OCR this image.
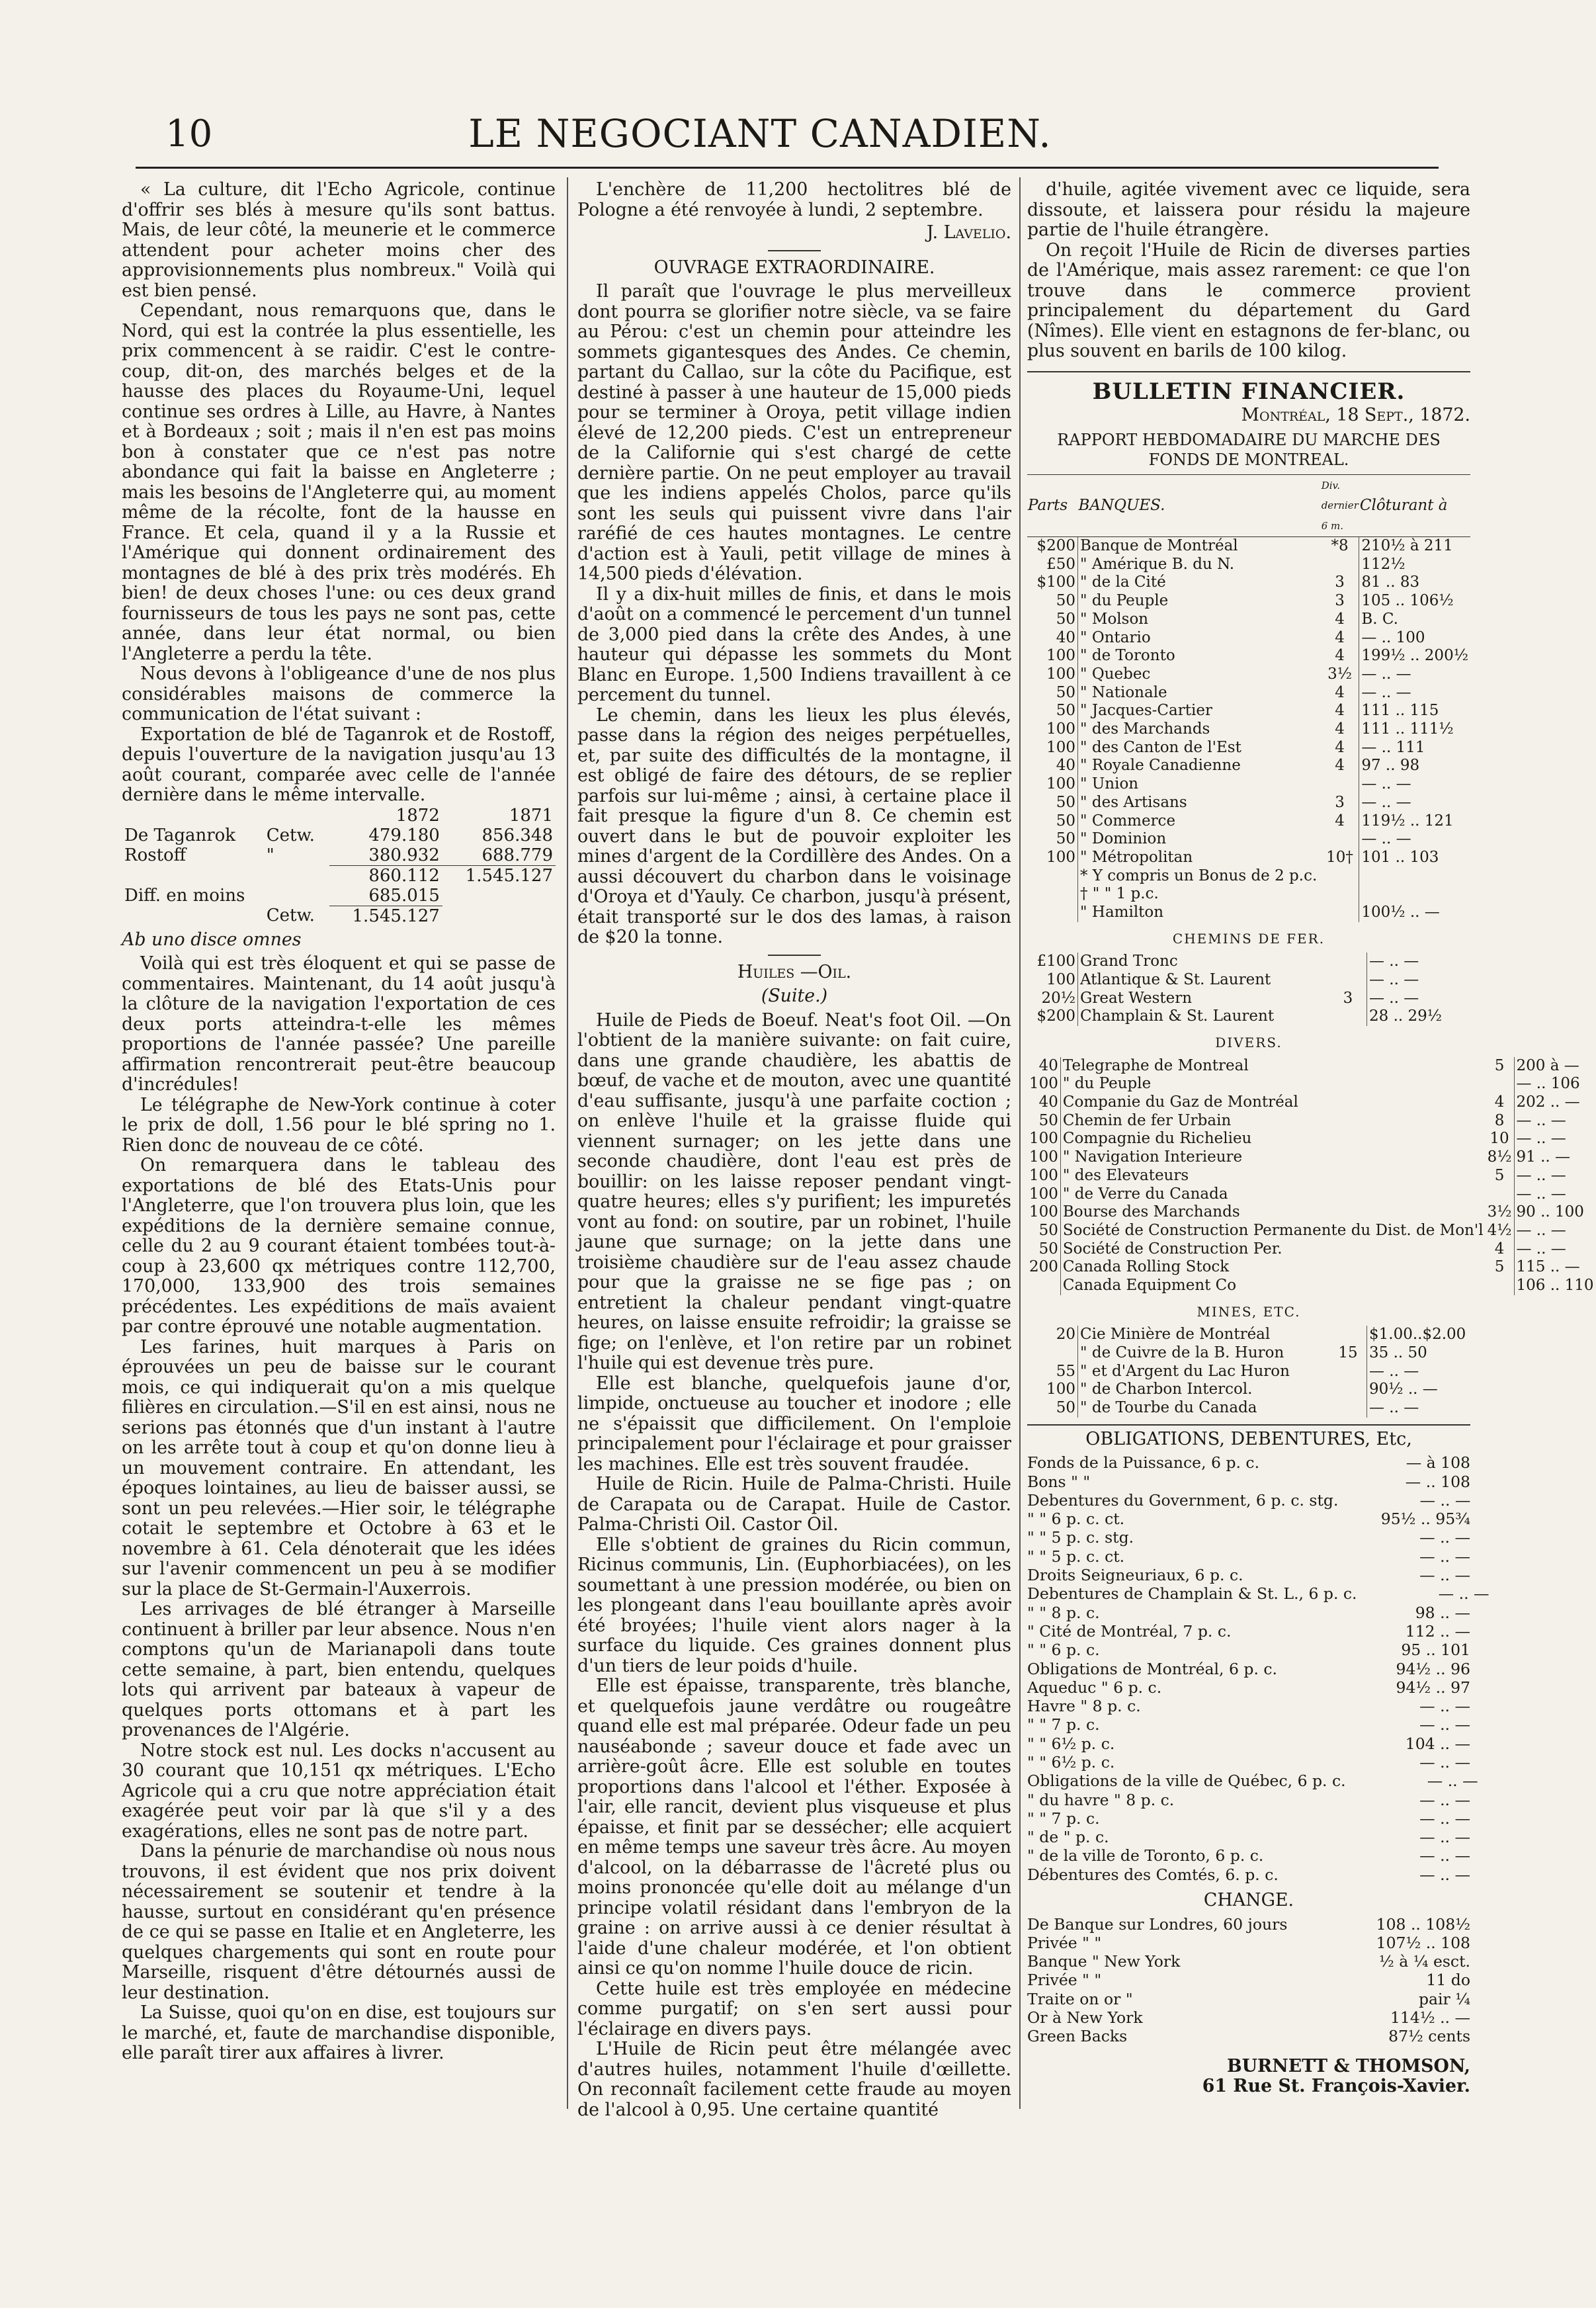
10	LE NEGOCIANT CANADIEN.

« La culture, dit l'Echo Agricole, continue d'offrir ses blés à mesure qu'ils sont battus. Mais, de leur côté, la meunerie et le commerce attendent pour acheter moins cher des approvisionnements plus nombreux." Voilà qui est bien pensé.

Cependant, nous remarquons que, dans le Nord, qui est la contrée la plus essentielle, les prix commencent à se raidir. C'est le contre-coup, dit-on, des marchés belges et de la hausse des places du Royaume-Uni, lequel continue ses ordres à Lille, au Havre, à Nantes et à Bordeaux ; soit ; mais il n'en est pas moins bon à constater que ce n'est pas notre abondance qui fait la baisse en Angleterre ; mais les besoins de l'Angleterre qui, au moment même de la récolte, font de la hausse en France. Et cela, quand il y a la Russie et l'Amérique qui donnent ordinairement des montagnes de blé à des prix très modérés. Eh bien! de deux choses l'une: ou ces deux grand fournisseurs de tous les pays ne sont pas, cette année, dans leur état normal, ou bien l'Angleterre a perdu la tête.

Nous devons à l'obligeance d'une de nos plus considérables maisons de commerce la communication de l'état suivant :

Exportation de blé de Taganrok et de Rostoff, depuis l'ouverture de la navigation jusqu'au 13 août courant, comparée avec celle de l'année dernière dans le même intervalle.

		1872	1871
De Taganrok	Cetw.	479.180	856.348
Rostoff	"	380.932	688.779
		860.112	1.545.127
Diff. en moins		685.015	
	Cetw.	1.545.127	

Ab uno disce omnes

Voilà qui est très éloquent et qui se passe de commentaires. Maintenant, du 14 août jusqu'à la clôture de la navigation l'exportation de ces deux ports atteindra-t-elle les mêmes proportions de l'année passée? Une pareille affirmation rencontrerait peut-être beaucoup d'incrédules!

Le télégraphe de New-York continue à coter le prix de doll, 1.56 pour le blé spring no 1. Rien donc de nouveau de ce côté.

On remarquera dans le tableau des exportations de blé des Etats-Unis pour l'Angleterre, que l'on trouvera plus loin, que les expéditions de la dernière semaine connue, celle du 2 au 9 courant étaient tombées tout-à-coup à 23,600 qx métriques contre 112,700, 170,000, 133,900 des trois semaines précédentes. Les expéditions de maïs avaient par contre éprouvé une notable augmentation.

Les farines, huit marques à Paris on éprouvées un peu de baisse sur le courant mois, ce qui indiquerait qu'on a mis quelque filières en circulation.—S'il en est ainsi, nous ne serions pas étonnés que d'un instant à l'autre on les arrête tout à coup et qu'on donne lieu à un mouvement contraire. En attendant, les époques lointaines, au lieu de baisser aussi, se sont un peu relevées.—Hier soir, le télégraphe cotait le septembre et Octobre à 63 et le novembre à 61. Cela dénoterait que les idées sur l'avenir commencent un peu à se modifier sur la place de St-Germain-l'Auxerrois.

Les arrivages de blé étranger à Marseille continuent à briller par leur absence. Nous n'en comptons qu'un de Marianapoli dans toute cette semaine, à part, bien entendu, quelques lots qui arrivent par bateaux à vapeur de quelques ports ottomans et à part les provenances de l'Algérie.

Notre stock est nul. Les docks n'accusent au 30 courant que 10,151 qx métriques. L'Echo Agricole qui a cru que notre appréciation était exagérée peut voir par là que s'il y a des exagérations, elles ne sont pas de notre part.

Dans la pénurie de marchandise où nous nous trouvons, il est évident que nos prix doivent nécessairement se soutenir et tendre à la hausse, surtout en considérant qu'en présence de ce qui se passe en Italie et en Angleterre, les quelques chargements qui sont en route pour Marseille, risquent d'être détournés aussi de leur destination.

La Suisse, quoi qu'on en dise, est toujours sur le marché, et, faute de marchandise disponible, elle paraît tirer aux affaires à livrer.

L'enchère de 11,200 hectolitres blé de Pologne a été renvoyée à lundi, 2 septembre.

J. Lavelio.
OUVRAGE EXTRAORDINAIRE.

Il paraît que l'ouvrage le plus merveilleux dont pourra se glorifier notre siècle, va se faire au Pérou: c'est un chemin pour atteindre les sommets gigantesques des Andes. Ce chemin, partant du Callao, sur la côte du Pacifique, est destiné à passer à une hauteur de 15,000 pieds pour se terminer à Oroya, petit village indien élevé de 12,200 pieds. C'est un entrepreneur de la Californie qui s'est chargé de cette dernière partie. On ne peut employer au travail que les indiens appelés Cholos, parce qu'ils sont les seuls qui puissent vivre dans l'air raréfié de ces hautes montagnes. Le centre d'action est à Yauli, petit village de mines à 14,500 pieds d'élévation.

Il y a dix-huit milles de finis, et dans le mois d'août on a commencé le percement d'un tunnel de 3,000 pied dans la crête des Andes, à une hauteur qui dépasse les sommets du Mont Blanc en Europe. 1,500 Indiens travaillent à ce percement du tunnel.

Le chemin, dans les lieux les plus élevés, passe dans la région des neiges perpétuelles, et, par suite des difficultés de la montagne, il est obligé de faire des détours, de se replier parfois sur lui-même ; ainsi, à certaine place il fait presque la figure d'un 8. Ce chemin est ouvert dans le but de pouvoir exploiter les mines d'argent de la Cordillère des Andes. On a aussi découvert du charbon dans le voisinage d'Oroya et d'Yauly. Ce charbon, jusqu'à présent, était transporté sur le dos des lamas, à raison de $20 la tonne.

Huiles —Oil.
(Suite.)

Huile de Pieds de Boeuf. Neat's foot Oil. —On l'obtient de la manière suivante: on fait cuire, dans une grande chaudière, les abattis de bœuf, de vache et de mouton, avec une quantité d'eau suffisante, jusqu'à une parfaite coction ; on enlève l'huile et la graisse fluide qui viennent surnager; on les jette dans une seconde chaudière, dont l'eau est près de bouillir: on les laisse reposer pendant vingt-quatre heures; elles s'y purifient; les impuretés vont au fond: on soutire, par un robinet, l'huile jaune que surnage; on la jette dans une troisième chaudière sur de l'eau assez chaude pour que la graisse ne se fige pas ; on entretient la chaleur pendant vingt-quatre heures, on laisse ensuite refroidir; la graisse se fige; on l'enlève, et l'on retire par un robinet l'huile qui est devenue très pure.

Elle est blanche, quelquefois jaune d'or, limpide, onctueuse au toucher et inodore ; elle ne s'épaissit que difficilement. On l'emploie principalement pour l'éclairage et pour graisser les machines. Elle est très souvent fraudée.

Huile de Ricin. Huile de Palma-Christi. Huile de Carapata ou de Carapat. Huile de Castor. Palma-Christi Oil. Castor Oil.

Elle s'obtient de graines du Ricin commun, Ricinus communis, Lin. (Euphorbiacées), on les soumettant à une pression modérée, ou bien on les plongeant dans l'eau bouillante après avoir été broyées; l'huile vient alors nager à la surface du liquide. Ces graines donnent plus d'un tiers de leur poids d'huile.

Elle est épaisse, transparente, très blanche, et quelquefois jaune verdâtre ou rougeâtre quand elle est mal préparée. Odeur fade un peu nauséabonde ; saveur douce et fade avec un arrière-goût âcre. Elle est soluble en toutes proportions dans l'alcool et l'éther. Exposée à l'air, elle rancit, devient plus visqueuse et plus épaisse, et finit par se dessécher; elle acquiert en même temps une saveur très âcre. Au moyen d'alcool, on la débarrasse de l'âcreté plus ou moins prononcée qu'elle doit au mélange d'un principe volatil résidant dans l'embryon de la graine : on arrive aussi à ce denier résultat à l'aide d'une chaleur modérée, et l'on obtient ainsi ce qu'on nomme l'huile douce de ricin.

Cette huile est très employée en médecine comme purgatif; on s'en sert aussi pour l'éclairage en divers pays.

L'Huile de Ricin peut être mélangée avec d'autres huiles, notamment l'huile d'œillette. On reconnaît facilement cette fraude au moyen de l'alcool à 0,95. Une certaine quantité

d'huile, agitée vivement avec ce liquide, sera dissoute, et laissera pour résidu la majeure partie de l'huile étrangère.

On reçoit l'Huile de Ricin de diverses parties de l'Amérique, mais assez rarement: ce que l'on trouve dans le commerce provient principalement du département du Gard (Nîmes). Elle vient en estagnons de fer-blanc, ou plus souvent en barils de 100 kilog.

BULLETIN FINANCIER.
Montréal, 18 Sept., 1872.
RAPPORT HEBDOMADAIRE DU MARCHE DES FONDS DE MONTREAL.
Parts	BANQUES.	Div. dernier 6 m.	Clôturant à
$200	Banque de Montréal	*8	210½ à 211
£50	" Amérique B. du N.		112½
$100	" de la Cité	3	81 .. 83
50	" du Peuple	3	105 .. 106½
50	" Molson	4	B. C.
40	" Ontario	4	— .. 100
100	" de Toronto	4	199½ .. 200½
100	" Quebec	3½	— .. —
50	" Nationale	4	— .. —
50	" Jacques-Cartier	4	111 .. 115
100	" des Marchands	4	111 .. 111½
100	" des Canton de l'Est	4	— .. 111
40	" Royale Canadienne	4	97 .. 98
100	" Union		— .. —
50	" des Artisans	3	— .. —
50	" Commerce	4	119½ .. 121
50	" Dominion		— .. —
100	" Métropolitan	10†	101 .. 103
	* Y compris un Bonus de 2 p.c.		
	† " " 1 p.c.		
	" Hamilton		100½ .. —
CHEMINS DE FER.
£100	Grand Tronc		— .. —
100	Atlantique & St. Laurent		— .. —
20½	Great Western	3	— .. —
$200	Champlain & St. Laurent		28 .. 29½
DIVERS.
40	Telegraphe de Montreal	5	200 à —
100	" du Peuple		— .. 106
40	Companie du Gaz de Montréal	4	202 .. —
50	Chemin de fer Urbain	8	— .. —
100	Compagnie du Richelieu	10	— .. —
100	" Navigation Interieure	8½	91 .. —
100	" des Elevateurs	5	— .. —
100	" de Verre du Canada		— .. —
100	Bourse des Marchands	3½	90 .. 100
50	Société de Construction Permanente du Dist. de Mon'l	4½	— .. —
50	Société de Construction Per.	4	— .. —
200	Canada Rolling Stock	5	115 .. —
	Canada Equipment Co		106 .. 110
MINES, ETC.
20	Cie Minière de Montréal		$1.00..$2.00
	" de Cuivre de la B. Huron	15	35 .. 50
55	" et d'Argent du Lac Huron		— .. —
100	" de Charbon Intercol.		90½ .. —
50	" de Tourbe du Canada		— .. —
OBLIGATIONS, DEBENTURES, Etc,
Fonds de la Puissance, 6 p. c.	— à 108
Bons " "	— .. 108
Debentures du Government, 6 p. c. stg.	— .. —
" " 6 p. c. ct.	95½ .. 95¾
" " 5 p. c. stg.	— .. —
" " 5 p. c. ct.	— .. —
Droits Seigneuriaux, 6 p. c.	— .. —
Debentures de Champlain & St. L., 6 p. c.	— .. —
" " 8 p. c.	98 .. —
" Cité de Montréal, 7 p. c.	112 .. —
" " 6 p. c.	95 .. 101
Obligations de Montréal, 6 p. c.	94½ .. 96
Aqueduc " 6 p. c.	94½ .. 97
Havre " 8 p. c.	— .. —
" " 7 p. c.	— .. —
" " 6½ p. c.	104 .. —
" " 6½ p. c.	— .. —
Obligations de la ville de Québec, 6 p. c.	— .. —
" du havre " 8 p. c.	— .. —
" " 7 p. c.	— .. —
" de " p. c.	— .. —
" de la ville de Toronto, 6 p. c.	— .. —
Débentures des Comtés, 6. p. c.	— .. —
CHANGE.
De Banque sur Londres, 60 jours	108 .. 108½
Privée " "	107½ .. 108
Banque " New York	½ à ¼ esct.
Privée " "	11 do
Traite on or "	pair ¼
Or à New York	114½ .. —
Green Backs	87½ cents
BURNETT & THOMSON,
61 Rue St. François-Xavier.
